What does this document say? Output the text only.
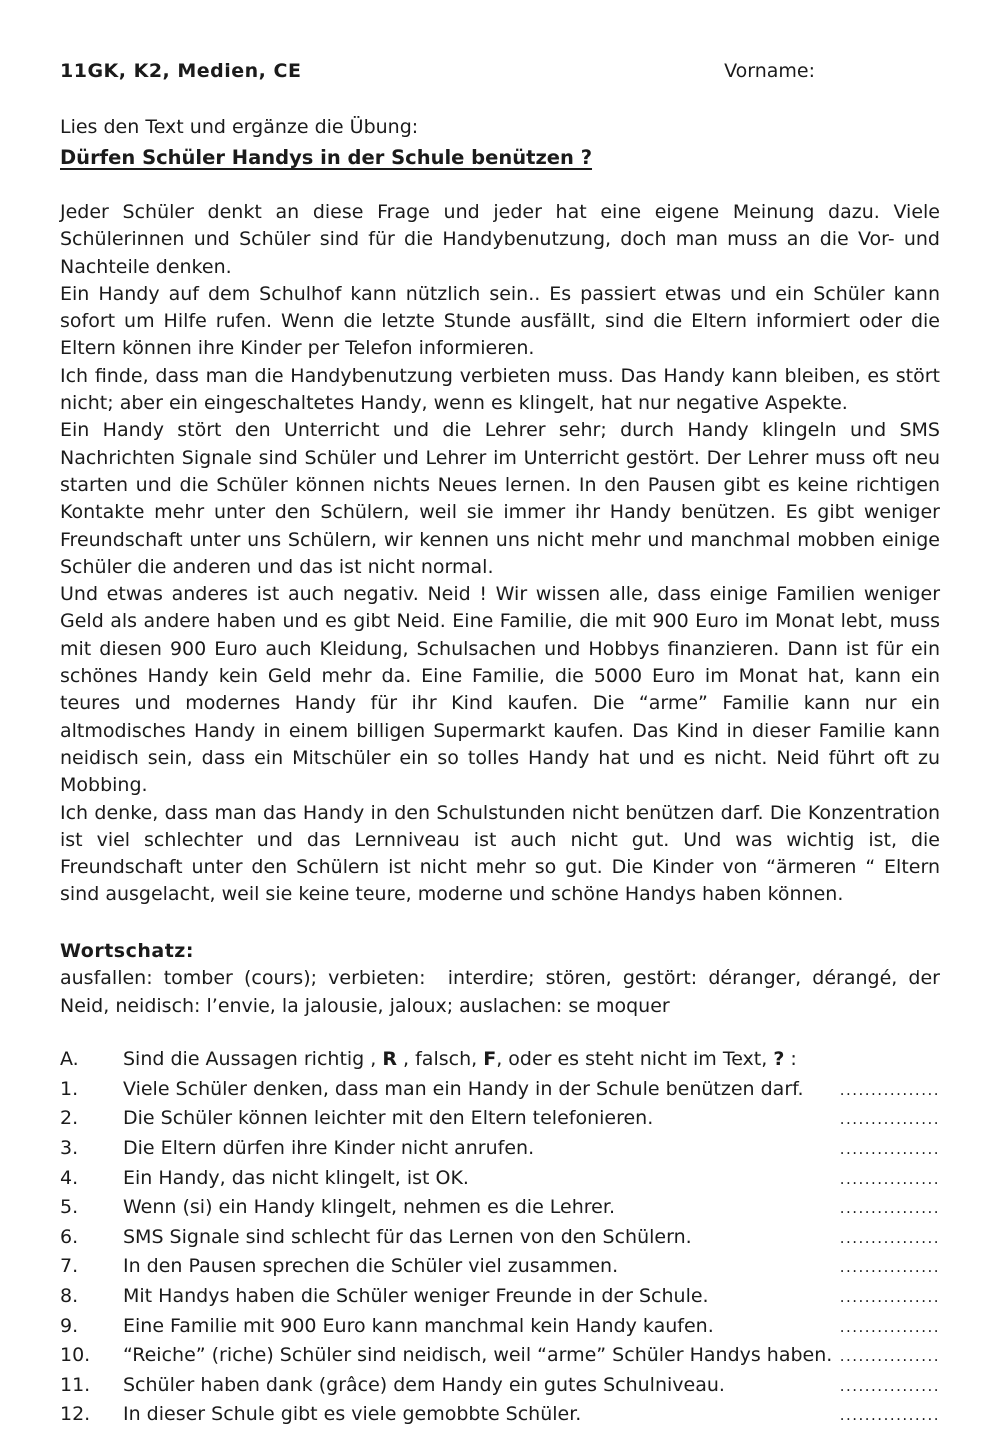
11GK, K2, Medien, CE	Vorname:
Lies den Text und ergänze die Übung:
Dürfen Schüler Handys in der Schule benützen ?

Jeder Schüler denkt an diese Frage und jeder hat eine eigene Meinung dazu. Viele Schülerinnen und Schüler sind für die Handybenutzung, doch man muss an die Vor- und Nachteile denken.

Ein Handy auf dem Schulhof kann nützlich sein.. Es passiert etwas und ein Schüler kann sofort um Hilfe rufen. Wenn die letzte Stunde ausfällt, sind die Eltern informiert oder die Eltern können ihre Kinder per Telefon informieren.

Ich finde, dass man die Handybenutzung verbieten muss. Das Handy kann bleiben, es stört nicht; aber ein eingeschaltetes Handy, wenn es klingelt, hat nur negative Aspekte.

Ein Handy stört den Unterricht und die Lehrer sehr; durch Handy klingeln und SMS Nachrichten Signale sind Schüler und Lehrer im Unterricht gestört. Der Lehrer muss oft neu starten und die Schüler können nichts Neues lernen. In den Pausen gibt es keine richtigen Kontakte mehr unter den Schülern, weil sie immer ihr Handy benützen. Es gibt weniger Freundschaft unter uns Schülern, wir kennen uns nicht mehr und manchmal mobben einige Schüler die anderen und das ist nicht normal.

Und etwas anderes ist auch negativ. Neid ! Wir wissen alle, dass einige Familien weniger Geld als andere haben und es gibt Neid. Eine Familie, die mit 900 Euro im Monat lebt, muss mit diesen 900 Euro auch Kleidung, Schulsachen und Hobbys finanzieren. Dann ist für ein schönes Handy kein Geld mehr da. Eine Familie, die 5000 Euro im Monat hat, kann ein teures und modernes Handy für ihr Kind kaufen. Die “arme” Familie kann nur ein altmodisches Handy in einem billigen Supermarkt kaufen. Das Kind in dieser Familie kann neidisch sein, dass ein Mitschüler ein so tolles Handy hat und es nicht. Neid führt oft zu Mobbing.

Ich denke, dass man das Handy in den Schulstunden nicht benützen darf. Die Konzentration ist viel schlechter und das Lernniveau ist auch nicht gut. Und was wichtig ist, die Freundschaft unter den Schülern ist nicht mehr so gut. Die Kinder von “ärmeren “ Eltern sind ausgelacht, weil sie keine teure, moderne und schöne Handys haben können.

Wortschatz:
ausfallen: tomber (cours); verbieten:  interdire; stören, gestört: déranger, dérangé, der Neid, neidisch: l’envie, la jalousie, jaloux; auslachen: se moquer
A.	Sind die Aussagen richtig , R , falsch, F, oder es steht nicht im Text, ? :
1.	Viele Schüler denken, dass man ein Handy in der Schule benützen darf.	................
2.	Die Schüler können leichter mit den Eltern telefonieren.	................
3.	Die Eltern dürfen ihre Kinder nicht anrufen.	................
4.	Ein Handy, das nicht klingelt, ist OK.	................
5.	Wenn (si) ein Handy klingelt, nehmen es die Lehrer.	................
6.	SMS Signale sind schlecht für das Lernen von den Schülern.	................
7.	In den Pausen sprechen die Schüler viel zusammen.	................
8.	Mit Handys haben die Schüler weniger Freunde in der Schule.	................
9.	Eine Familie mit 900 Euro kann manchmal kein Handy kaufen.	................
10.	“Reiche” (riche) Schüler sind neidisch, weil “arme” Schüler Handys haben. ................
11.	Schüler haben dank (grâce) dem Handy ein gutes Schulniveau.	................
12.	In dieser Schule gibt es viele gemobbte Schüler.	................
